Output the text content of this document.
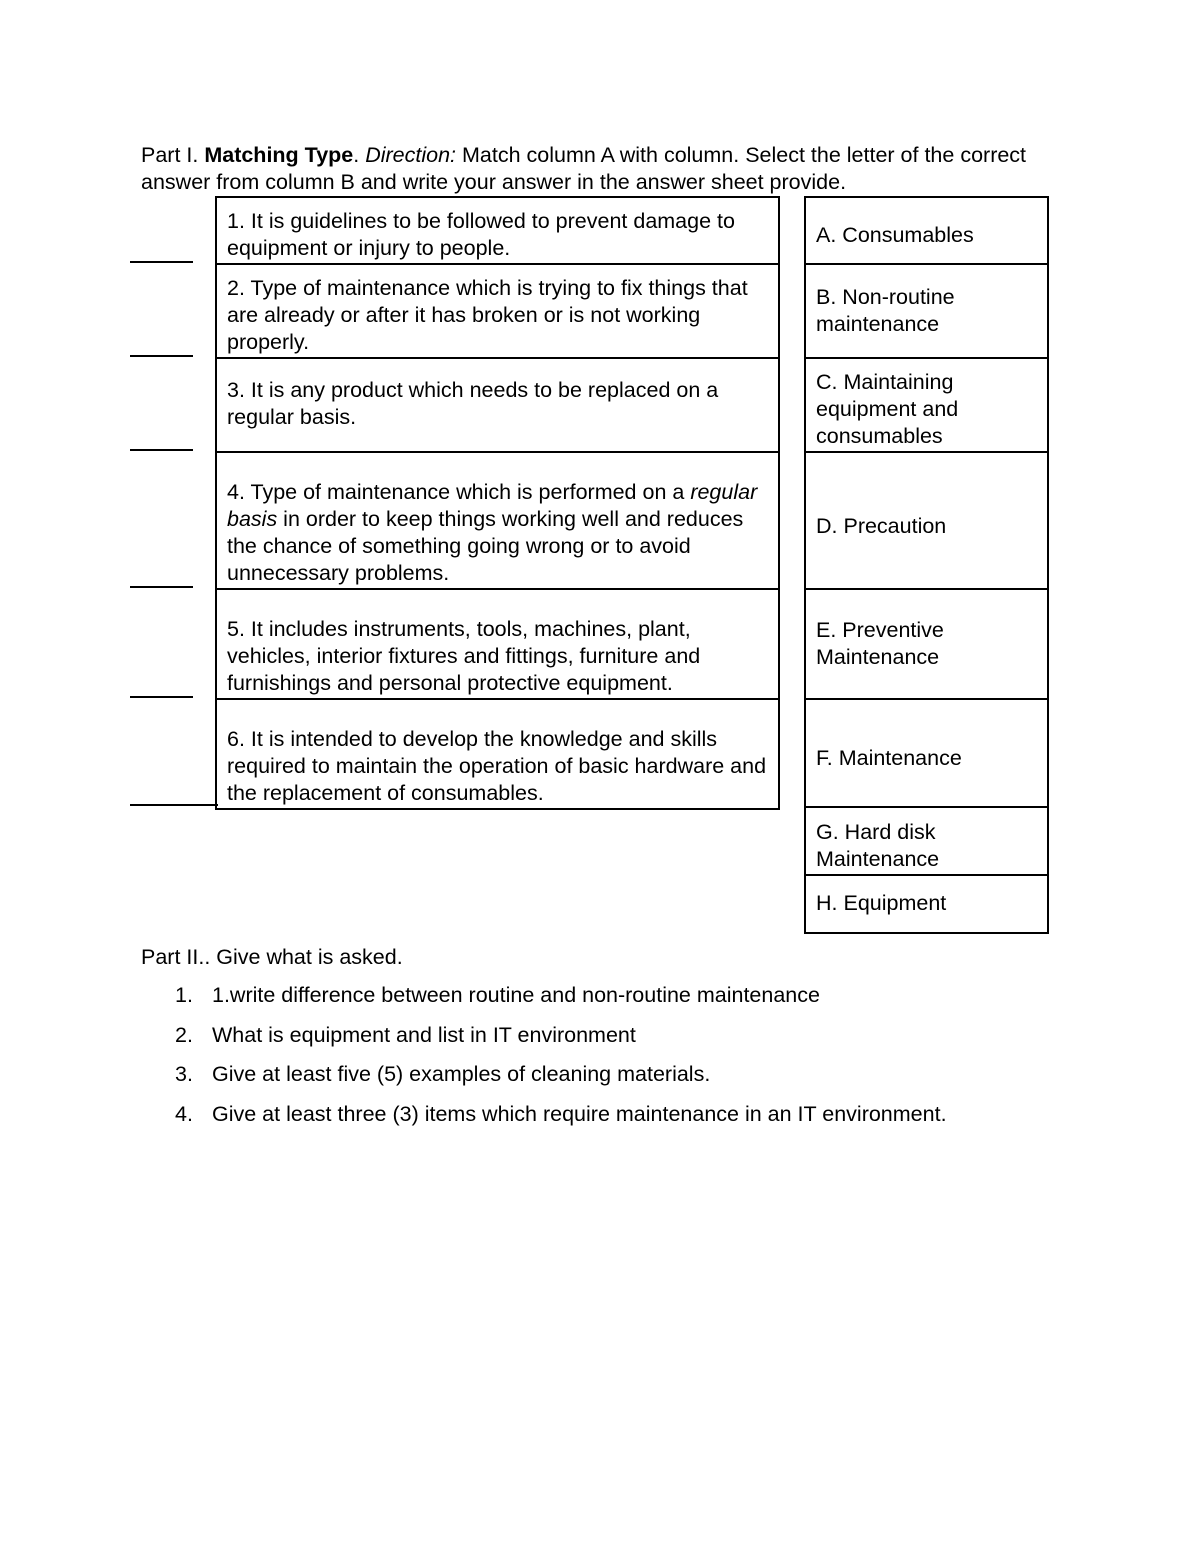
Part I. Matching Type. Direction: Match column A with column. Select the letter of the correct answer from column B and write your answer in the answer sheet provide.

1. It is guidelines to be followed to prevent damage to equipment or injury to people.
2. Type of maintenance which is trying to fix things that are already or after it has broken or is not working properly.
3. It is any product which needs to be replaced on a regular basis.
4. Type of maintenance which is performed on a regular basis in order to keep things working well and reduces the chance of something going wrong or to avoid unnecessary problems.
5. It includes instruments, tools, machines, plant, vehicles, interior fixtures and fittings, furniture and furnishings and personal protective equipment.
6. It is intended to develop the knowledge and skills required to maintain the operation of basic hardware and the replacement of consumables.
A. Consumables
B. Non-routine maintenance
C. Maintaining equipment and consumables
D. Precaution
E. Preventive Maintenance
F. Maintenance
G. Hard disk Maintenance
H. Equipment

Part II.. Give what is asked.

1. 1.write difference between routine and non-routine maintenance
2. What is equipment and list in IT environment
3. Give at least five (5) examples of cleaning materials.
4. Give at least three (3) items which require maintenance in an IT environment.
